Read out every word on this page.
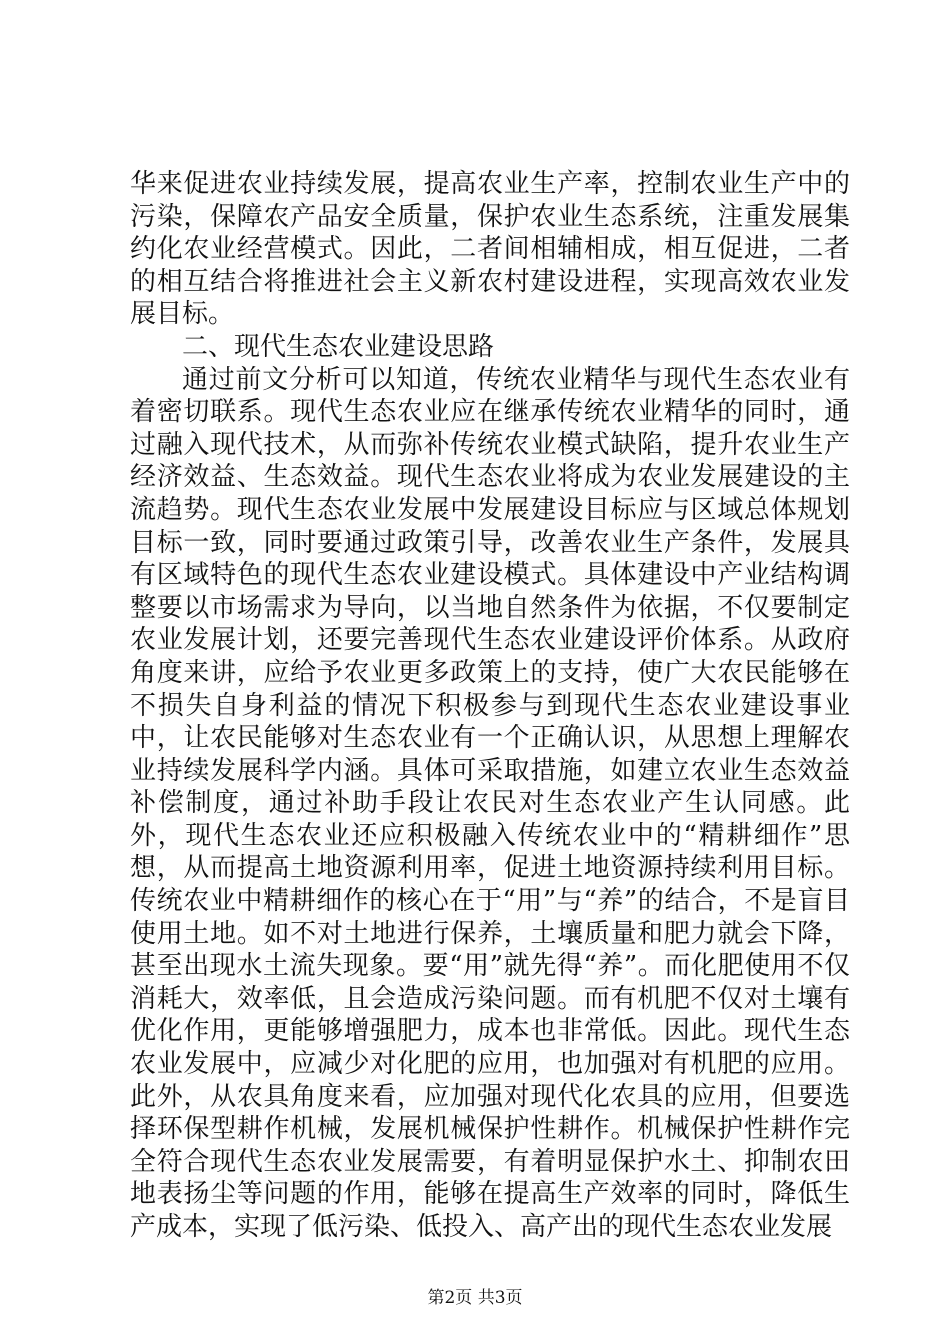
华来促进农业持续发展，提高农业生产率，控制农业生产中的污染，保障农产品安全质量，保护农业生态系统，注重发展集约化农业经营模式。因此，二者间相辅相成，相互促进，二者的相互结合将推进社会主义新农村建设进程，实现高效农业发展目标。

二、现代生态农业建设思路

通过前文分析可以知道，传统农业精华与现代生态农业有着密切联系。现代生态农业应在继承传统农业精华的同时，通过融入现代技术，从而弥补传统农业模式缺陷，提升农业生产经济效益、生态效益。现代生态农业将成为农业发展建设的主流趋势。现代生态农业发展中发展建设目标应与区域总体规划目标一致，同时要通过政策引导，改善农业生产条件，发展具有区域特色的现代生态农业建设模式。具体建设中产业结构调整要以市场需求为导向，以当地自然条件为依据，不仅要制定农业发展计划，还要完善现代生态农业建设评价体系。从政府角度来讲，应给予农业更多政策上的支持，使广大农民能够在不损失自身利益的情况下积极参与到现代生态农业建设事业中，让农民能够对生态农业有一个正确认识，从思想上理解农业持续发展科学内涵。具体可采取措施，如建立农业生态效益补偿制度，通过补助手段让农民对生态农业产生认同感。此外，现代生态农业还应积极融入传统农业中的“精耕细作”思想，从而提高土地资源利用率，促进土地资源持续利用目标。传统农业中精耕细作的核心在于“用”与“养”的结合，不是盲目使用土地。如不对土地进行保养，土壤质量和肥力就会下降，甚至出现水土流失现象。要“用”就先得“养”。而化肥使用不仅消耗大，效率低，且会造成污染问题。而有机肥不仅对土壤有优化作用，更能够增强肥力，成本也非常低。因此。现代生态农业发展中，应减少对化肥的应用，也加强对有机肥的应用。此外，从农具角度来看，应加强对现代化农具的应用，但要选择环保型耕作机械，发展机械保护性耕作。机械保护性耕作完全符合现代生态农业发展需要，有着明显保护水土、抑制农田地表扬尘等问题的作用，能够在提高生产效率的同时，降低生产成本，实现了低污染、低投入、高产出的现代生态农业发展

第2页 共3页
